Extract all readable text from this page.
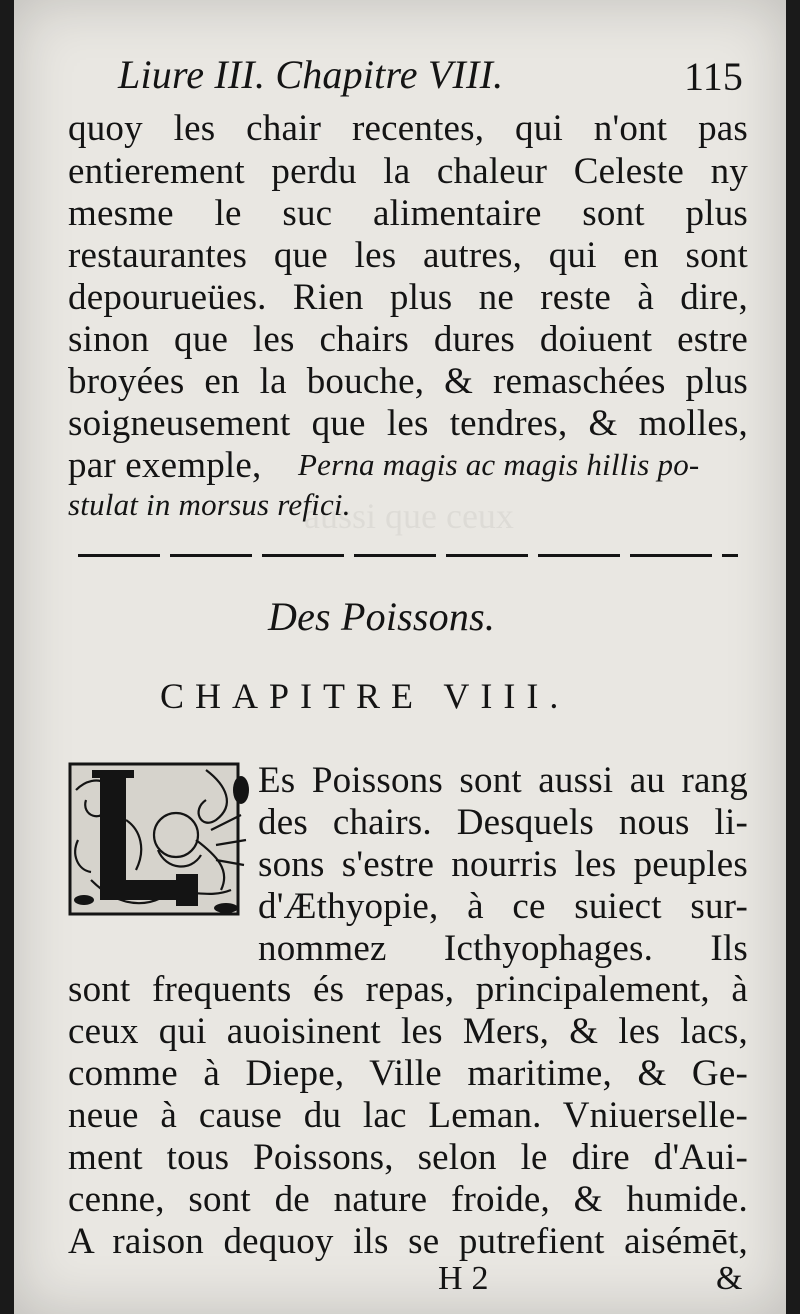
aussi que ceux
Liure III. Chapitre VIII.	115
quoy les chair recentes, qui n'ont pas
entierement perdu la chaleur Celeste ny
mesme le suc alimentaire sont plus
restaurantes que les autres, qui en sont
depourueües. Rien plus ne reste à dire,
sinon que les chairs dures doiuent estre
broyées en la bouche, & remaschées plus
soigneusement que les tendres, & molles,
par exemple, Perna magis ac magis hillis po-
stulat in morsus refici.
Des Poissons.
CHAPITRE VIII.
Es Poissons sont aussi au rang
des chairs. Desquels nous li-
sons s'estre nourris les peuples
d'Æthyopie, à ce suiect sur-
nommez Icthyophages. Ils
sont frequents és repas, principalement, à
ceux qui auoisinent les Mers, & les lacs,
comme à Diepe, Ville maritime, & Ge-
neue à cause du lac Leman. Vniuerselle-
ment tous Poissons, selon le dire d'Aui-
cenne, sont de nature froide, & humide.
A raison dequoy ils se putrefient aisémēt,
H 2	&
